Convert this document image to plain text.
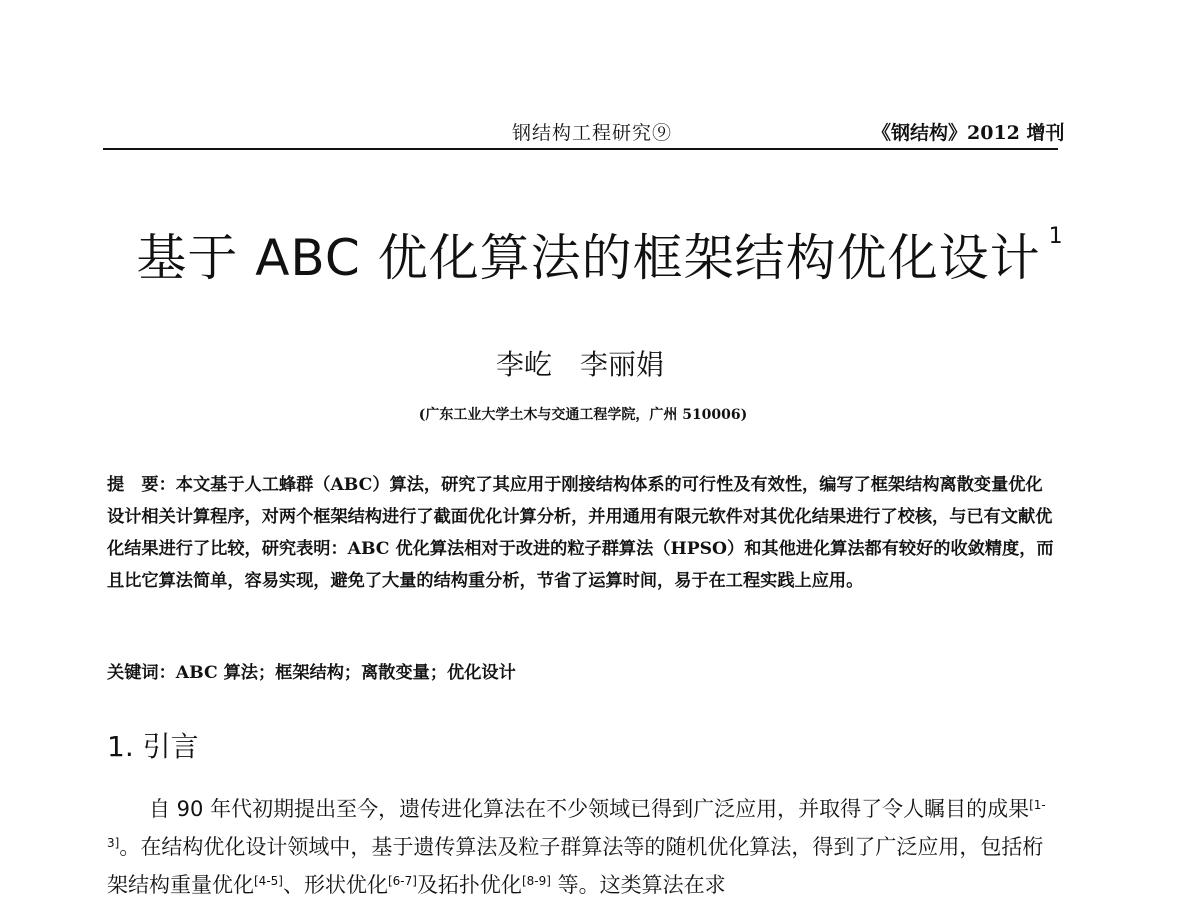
钢结构工程研究⑨	《钢结构》2012 增刊
基于 ABC 优化算法的框架结构优化设计 $^1$
李屹　李丽娟
(广东工业大学土木与交通工程学院，广州 510006)
提　要：本文基于人工蜂群（ABC）算法，研究了其应用于刚接结构体系的可行性及有效性，编写了框架结构离散变量优化设计相关计算程序，对两个框架结构进行了截面优化计算分析，并用通用有限元软件对其优化结果进行了校核，与已有文献优化结果进行了比较，研究表明：ABC 优化算法相对于改进的粒子群算法（HPSO）和其他进化算法都有较好的收敛精度，而且比它算法简单，容易实现，避免了大量的结构重分析，节省了运算时间，易于在工程实践上应用。
关键词：ABC 算法；框架结构；离散变量；优化设计
1. 引言
自 90 年代初期提出至今，遗传进化算法在不少领域已得到广泛应用，并取得了令人瞩目的成果[1-3]。在结构优化设计领域中，基于遗传算法及粒子群算法等的随机优化算法，得到了广泛应用，包括桁架结构重量优化[4-5]、形状优化[6-7]及拓扑优化[8-9] 等。这类算法在求
